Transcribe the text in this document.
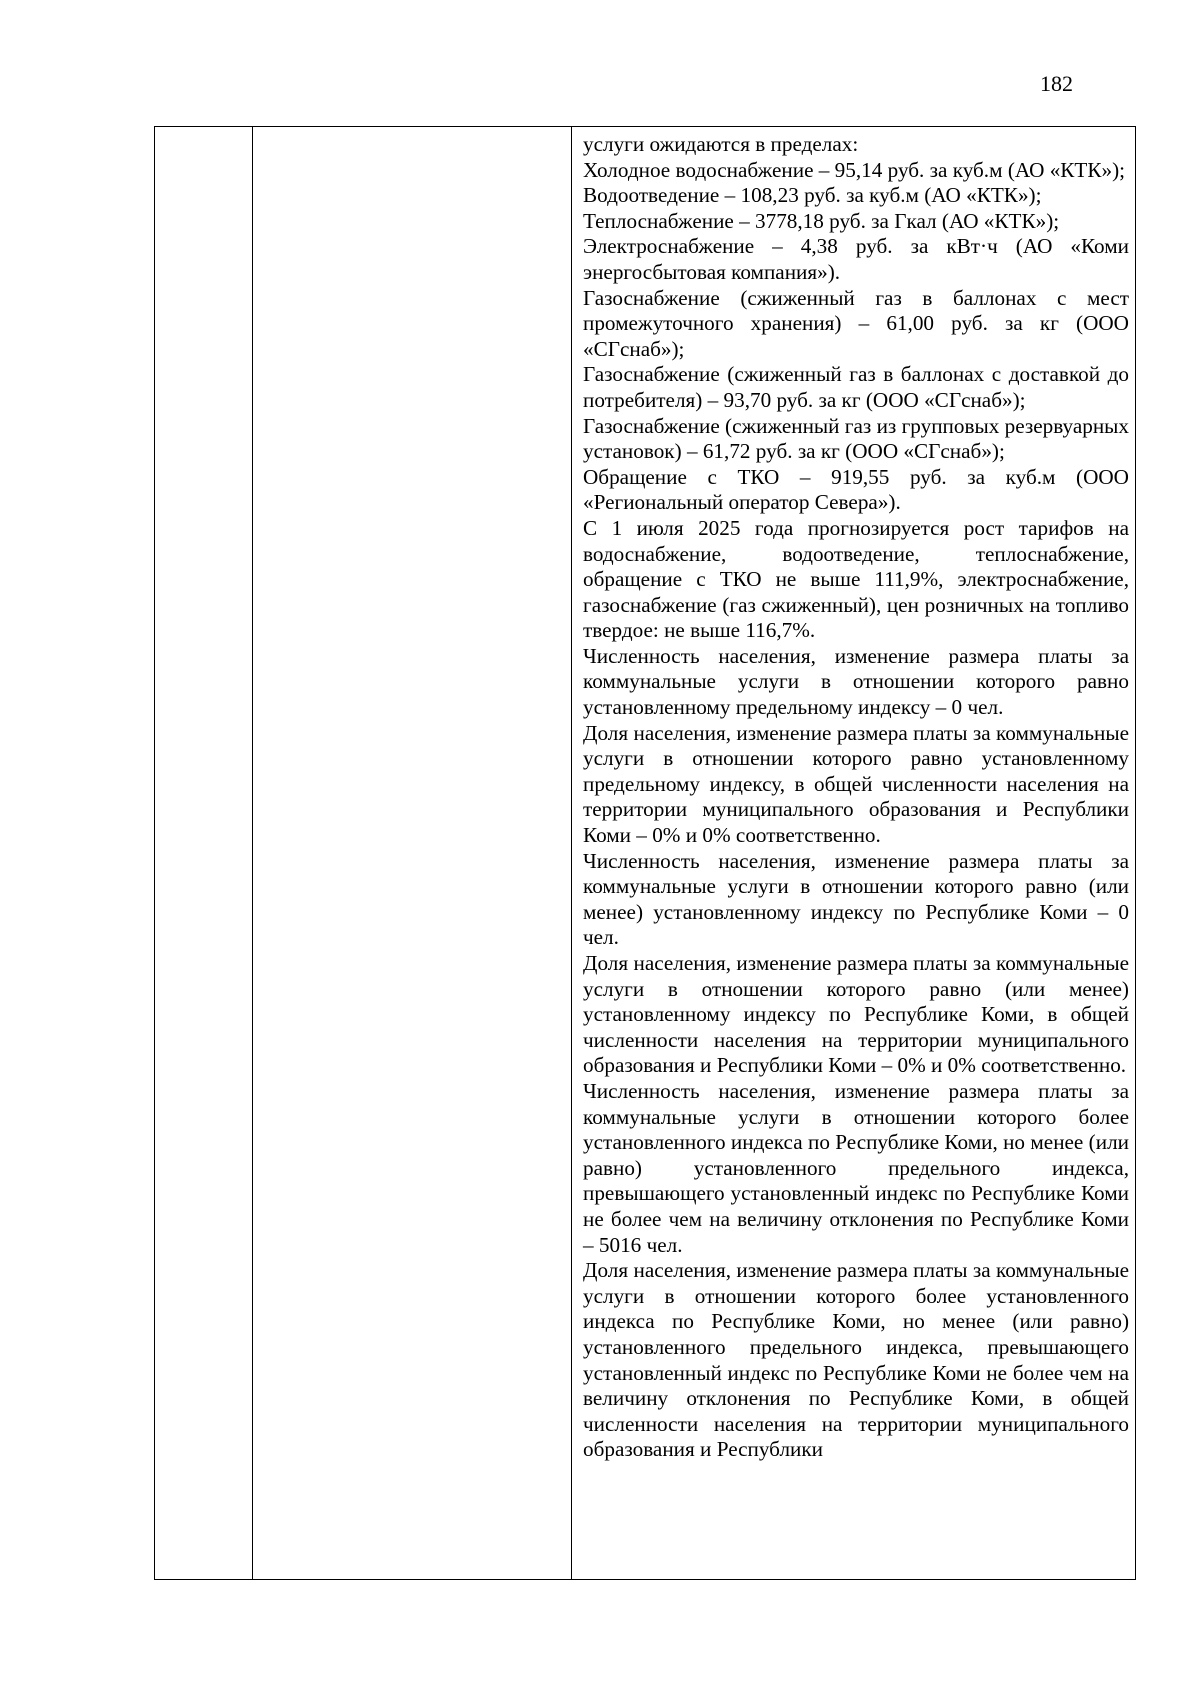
182

услуги ожидаются в пределах:

Холодное водоснабжение – 95,14 руб. за куб.м (АО «КТК»);

Водоотведение – 108,23 руб. за куб.м (АО «КТК»);

Теплоснабжение – 3778,18 руб. за Гкал (АО «КТК»);

Электроснабжение – 4,38 руб. за кВт·ч (АО «Коми энергосбытовая компания»).

Газоснабжение (сжиженный газ в баллонах с мест промежуточного хранения) – 61,00 руб. за кг (ООО «СГснаб»);

Газоснабжение (сжиженный газ в баллонах с доставкой до потребителя) – 93,70 руб. за кг (ООО «СГснаб»);

Газоснабжение (сжиженный газ из групповых резервуарных установок) – 61,72 руб. за кг (ООО «СГснаб»);

Обращение с ТКО – 919,55 руб. за куб.м (ООО «Региональный оператор Севера»).

С 1 июля 2025 года прогнозируется рост тарифов на водоснабжение, водоотведение, теплоснабжение, обращение с ТКО не выше 111,9%, электроснабжение, газоснабжение (газ сжиженный), цен розничных на топливо твердое: не выше 116,7%.

Численность населения, изменение размера платы за коммунальные услуги в отношении которого равно установленному предельному индексу – 0 чел.

Доля населения, изменение размера платы за коммунальные услуги в отношении которого равно установленному предельному индексу, в общей численности населения на территории муниципального образования и Республики Коми – 0% и 0% соответственно.

Численность населения, изменение размера платы за коммунальные услуги в отношении которого равно (или менее) установленному индексу по Республике Коми – 0 чел.

Доля населения, изменение размера платы за коммунальные услуги в отношении которого равно (или менее) установленному индексу по Республике Коми, в общей численности населения на территории муниципального образования и Республики Коми – 0% и 0% соответственно.

Численность населения, изменение размера платы за коммунальные услуги в отношении которого более установленного индекса по Республике Коми, но менее (или равно) установленного предельного индекса, превышающего установленный индекс по Республике Коми не более чем на величину отклонения по Республике Коми – 5016 чел.

Доля населения, изменение размера платы за коммунальные услуги в отношении которого более установленного индекса по Республике Коми, но менее (или равно) установленного предельного индекса, превышающего установленный индекс по Республике Коми не более чем на величину отклонения по Республике Коми, в общей численности населения на территории муниципального образования и Республики
